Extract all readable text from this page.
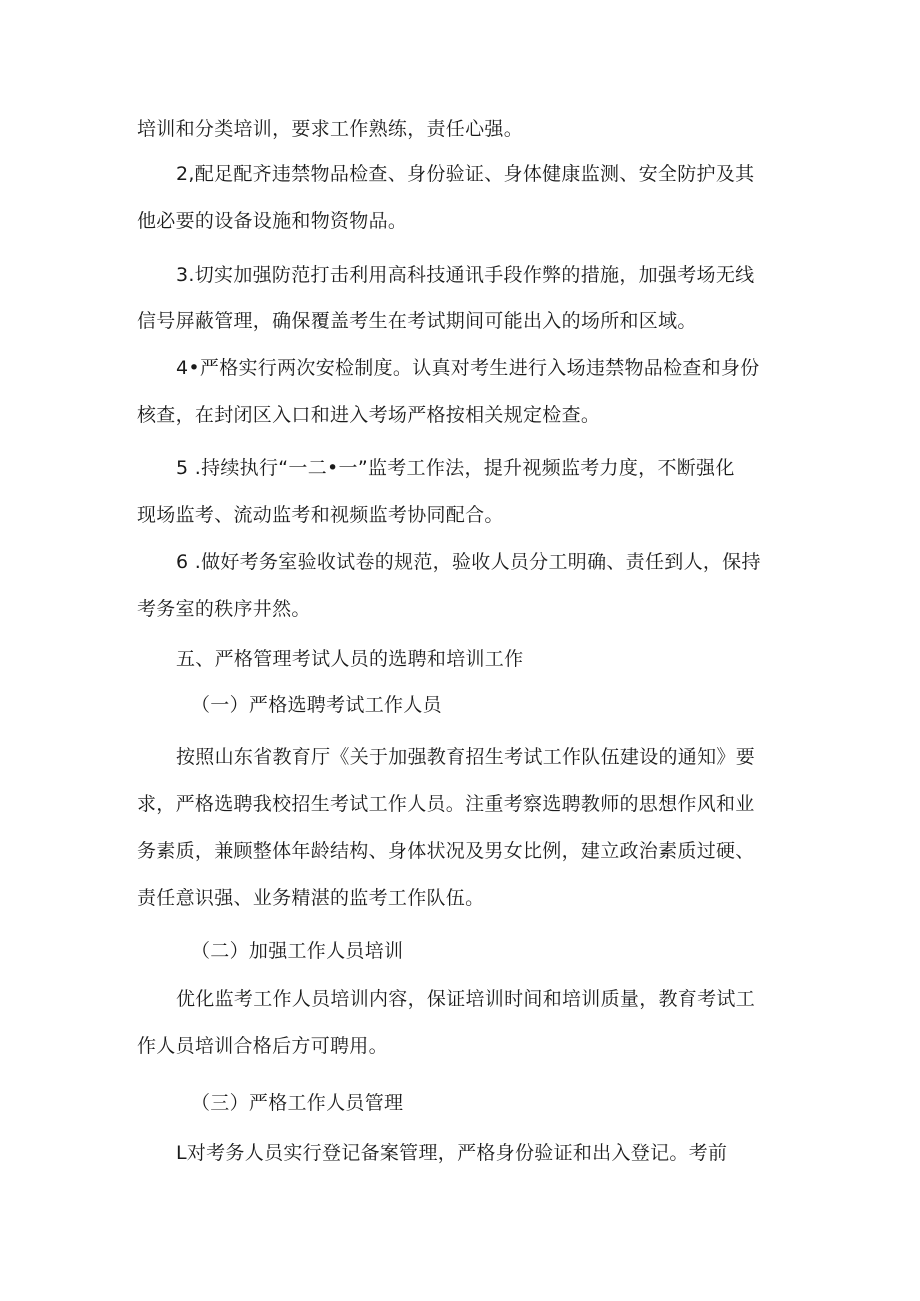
培训和分类培训，要求工作熟练，责任心强。
2,配足配齐违禁物品检查、身份验证、身体健康监测、安全防护及其
他必要的设备设施和物资物品。
3.切实加强防范打击利用高科技通讯手段作弊的措施，加强考场无线
信号屏蔽管理，确保覆盖考生在考试期间可能出入的场所和区域。
4•严格实行两次安检制度。认真对考生进行入场违禁物品检查和身份
核查，在封闭区入口和进入考场严格按相关规定检查。
5 .持续执行“一二•一”监考工作法，提升视频监考力度，不断强化
现场监考、流动监考和视频监考协同配合。
6 .做好考务室验收试卷的规范，验收人员分工明确、责任到人，保持
考务室的秩序井然。
五、严格管理考试人员的选聘和培训工作
（一）严格选聘考试工作人员
按照山东省教育厅《关于加强教育招生考试工作队伍建设的通知》要
求，严格选聘我校招生考试工作人员。注重考察选聘教师的思想作风和业
务素质，兼顾整体年龄结构、身体状况及男女比例，建立政治素质过硬、
责任意识强、业务精湛的监考工作队伍。
（二）加强工作人员培训
优化监考工作人员培训内容，保证培训时间和培训质量，教育考试工
作人员培训合格后方可聘用。
（三）严格工作人员管理
L对考务人员实行登记备案管理，严格身份验证和出入登记。考前
